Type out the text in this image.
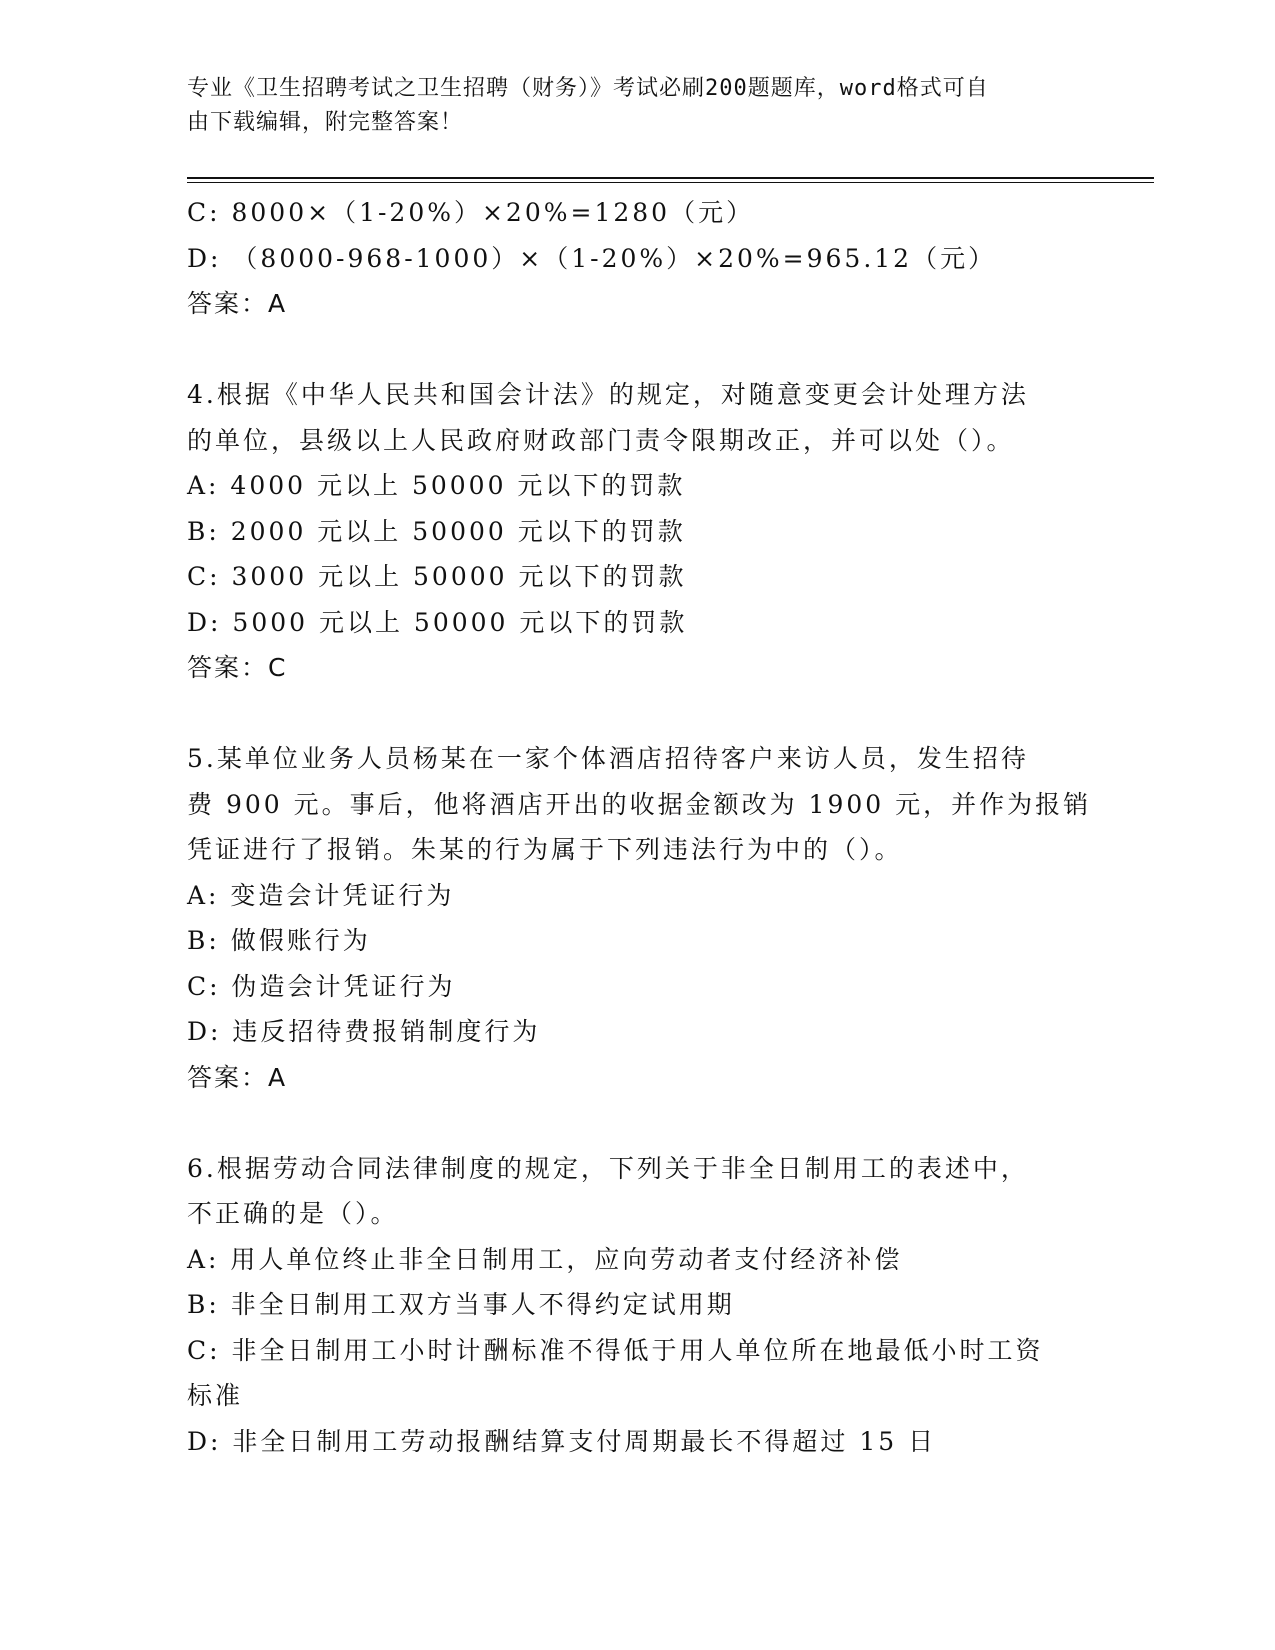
专业《卫生招聘考试之卫生招聘（财务）》考试必刷200题题库，word格式可自
由下载编辑，附完整答案！
C: 8000×（1-20%）×20%=1280（元）
D: （8000-968-1000）×（1-20%）×20%=965.12（元）
答案：A
4.根据《中华人民共和国会计法》的规定，对随意变更会计处理方法
的单位，县级以上人民政府财政部门责令限期改正，并可以处（）。
A: 4000 元以上 50000 元以下的罚款
B: 2000 元以上 50000 元以下的罚款
C: 3000 元以上 50000 元以下的罚款
D: 5000 元以上 50000 元以下的罚款
答案：C
5.某单位业务人员杨某在一家个体酒店招待客户来访人员，发生招待
费 900 元。事后，他将酒店开出的收据金额改为 1900 元，并作为报销
凭证进行了报销。朱某的行为属于下列违法行为中的（）。
A: 变造会计凭证行为
B: 做假账行为
C: 伪造会计凭证行为
D: 违反招待费报销制度行为
答案：A
6.根据劳动合同法律制度的规定，下列关于非全日制用工的表述中，
不正确的是（）。
A: 用人单位终止非全日制用工，应向劳动者支付经济补偿
B: 非全日制用工双方当事人不得约定试用期
C: 非全日制用工小时计酬标准不得低于用人单位所在地最低小时工资
标准
D: 非全日制用工劳动报酬结算支付周期最长不得超过 15 日
